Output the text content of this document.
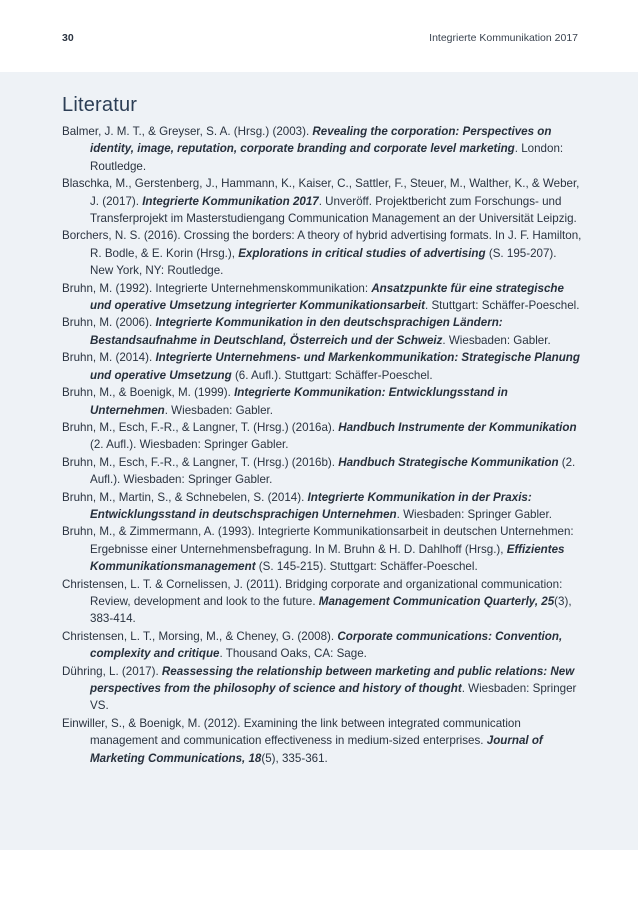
30	Integrierte Kommunikation 2017
Literatur
Balmer, J. M. T., & Greyser, S. A. (Hrsg.) (2003). Revealing the corporation: Perspectives on identity, image, reputation, corporate branding and corporate level marketing. London: Routledge.
Blaschka, M., Gerstenberg, J., Hammann, K., Kaiser, C., Sattler, F., Steuer, M., Walther, K., & Weber, J. (2017). Integrierte Kommunikation 2017. Unveröff. Projektbericht zum Forschungs- und Transferprojekt im Masterstudiengang Communication Management an der Universität Leipzig.
Borchers, N. S. (2016). Crossing the borders: A theory of hybrid advertising formats. In J. F. Hamilton, R. Bodle, & E. Korin (Hrsg.), Explorations in critical studies of advertising (S. 195-207). New York, NY: Routledge.
Bruhn, M. (1992). Integrierte Unternehmenskommunikation: Ansatzpunkte für eine strategische und operative Umsetzung integrierter Kommunikationsarbeit. Stuttgart: Schäffer-Poeschel.
Bruhn, M. (2006). Integrierte Kommunikation in den deutschsprachigen Ländern: Bestandsaufnahme in Deutschland, Österreich und der Schweiz. Wiesbaden: Gabler.
Bruhn, M. (2014). Integrierte Unternehmens- und Markenkommunikation: Strategische Planung und operative Umsetzung (6. Aufl.). Stuttgart: Schäffer-Poeschel.
Bruhn, M., & Boenigk, M. (1999). Integrierte Kommunikation: Entwicklungsstand in Unternehmen. Wiesbaden: Gabler.
Bruhn, M., Esch, F.-R., & Langner, T. (Hrsg.) (2016a). Handbuch Instrumente der Kommunikation (2. Aufl.). Wiesbaden: Springer Gabler.
Bruhn, M., Esch, F.-R., & Langner, T. (Hrsg.) (2016b). Handbuch Strategische Kommunikation (2. Aufl.). Wiesbaden: Springer Gabler.
Bruhn, M., Martin, S., & Schnebelen, S. (2014). Integrierte Kommunikation in der Praxis: Entwicklungsstand in deutschsprachigen Unternehmen. Wiesbaden: Springer Gabler.
Bruhn, M., & Zimmermann, A. (1993). Integrierte Kommunikationsarbeit in deutschen Unternehmen: Ergebnisse einer Unternehmensbefragung. In M. Bruhn & H. D. Dahlhoff (Hrsg.), Effizientes Kommunikationsmanagement (S. 145-215). Stuttgart: Schäffer-Poeschel.
Christensen, L. T. & Cornelissen, J. (2011). Bridging corporate and organizational communication: Review, development and look to the future. Management Communication Quarterly, 25(3), 383-414.
Christensen, L. T., Morsing, M., & Cheney, G. (2008). Corporate communications: Convention, complexity and critique. Thousand Oaks, CA: Sage.
Dühring, L. (2017). Reassessing the relationship between marketing and public relations: New perspectives from the philosophy of science and history of thought. Wiesbaden: Springer VS.
Einwiller, S., & Boenigk, M. (2012). Examining the link between integrated communication management and communication effectiveness in medium-sized enterprises. Journal of Marketing Communications, 18(5), 335-361.
